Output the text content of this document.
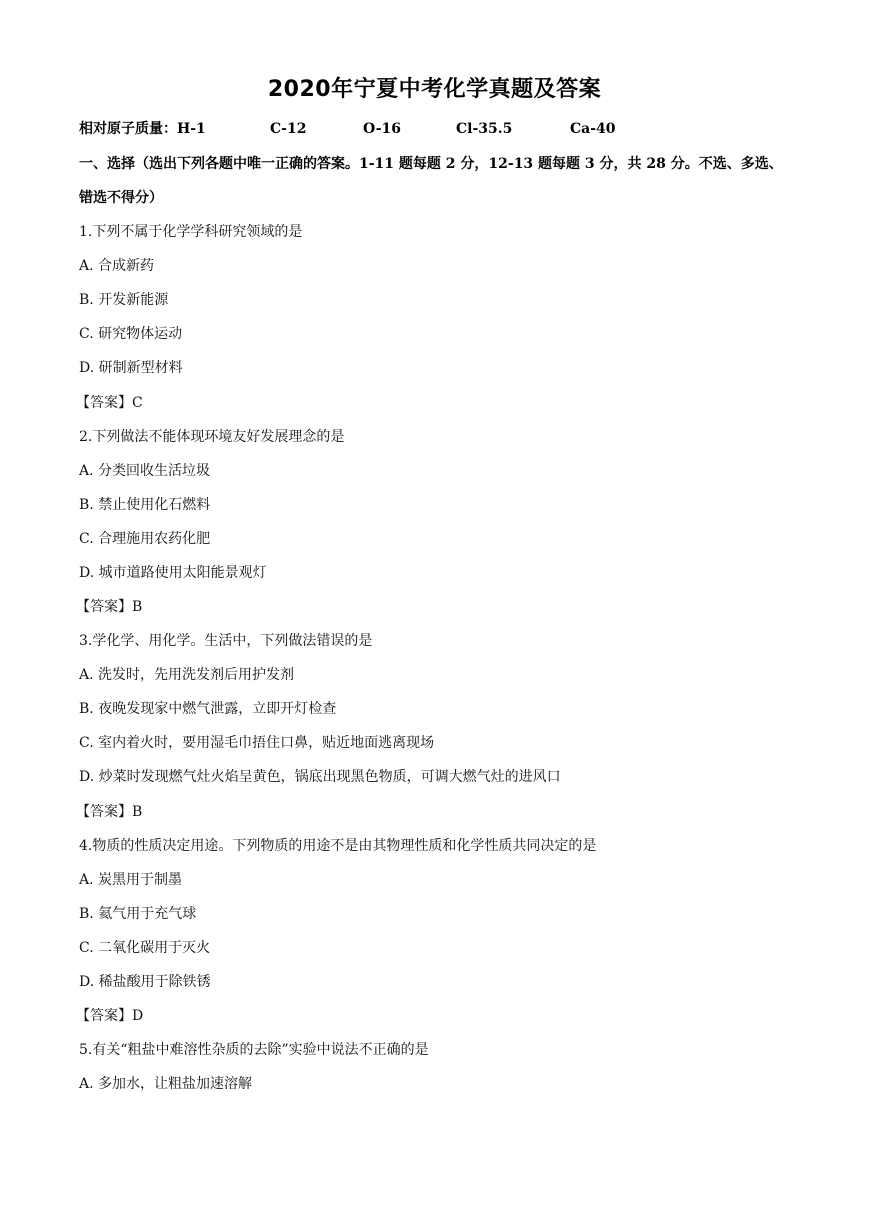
2020年宁夏中考化学真题及答案
相对原子质量： H-1	C-12	O-16	Cl-35.5	Ca-40
一、选择（选出下列各题中唯一正确的答案。1-11 题每题 2 分，12-13 题每题 3 分，共 28 分。不选、多选、
错选不得分）
1.下列不属于化学学科研究领域的是
A. 合成新药
B. 开发新能源
C. 研究物体运动
D. 研制新型材料
【答案】C
2.下列做法不能体现环境友好发展理念的是
A. 分类回收生活垃圾
B. 禁止使用化石燃料
C. 合理施用农药化肥
D. 城市道路使用太阳能景观灯
【答案】B
3.学化学、用化学。生活中，下列做法错误的是
A. 洗发时，先用洗发剂后用护发剂
B. 夜晚发现家中燃气泄露，立即开灯检查
C. 室内着火时，要用湿毛巾捂住口鼻，贴近地面逃离现场
D. 炒菜时发现燃气灶火焰呈黄色，锅底出现黑色物质，可调大燃气灶的进风口
【答案】B
4.物质的性质决定用途。下列物质的用途不是由其物理性质和化学性质共同决定的是
A. 炭黑用于制墨
B. 氦气用于充气球
C. 二氧化碳用于灭火
D. 稀盐酸用于除铁锈
【答案】D
5.有关“粗盐中难溶性杂质的去除”实验中说法不正确的是
A. 多加水，让粗盐加速溶解
